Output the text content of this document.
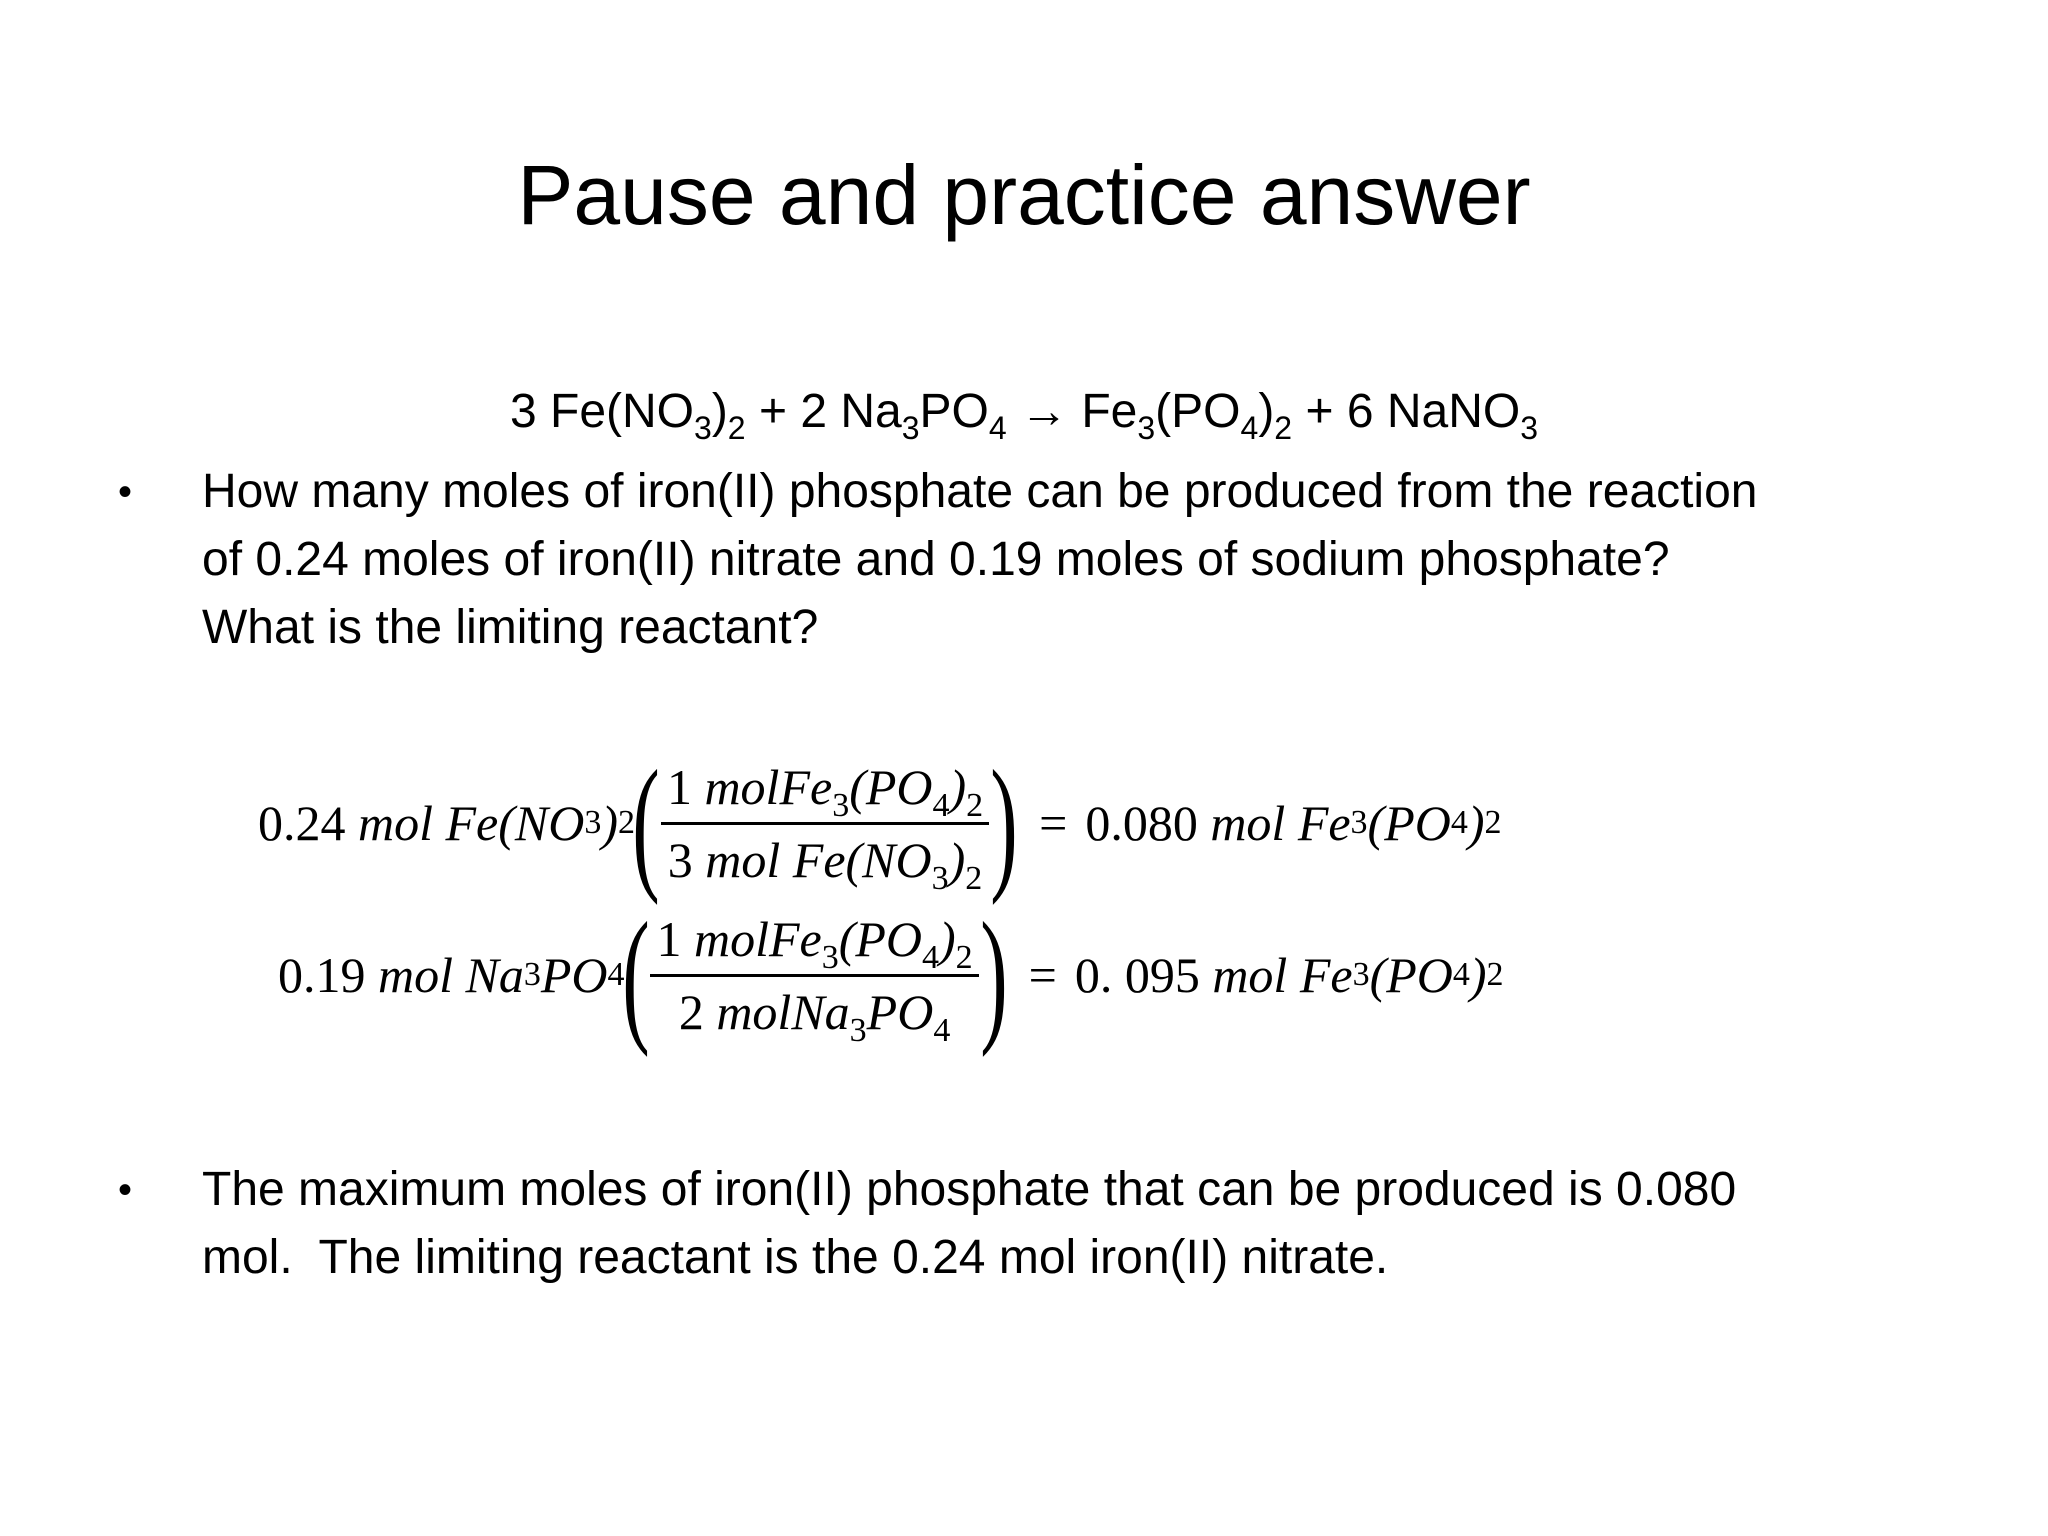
Pause and practice answer
3 $Fe(NO_3)_2 + 2$ $Na_3PO_4 \to Fe_3(PO_4)_2 + 6$ NaNO$_3$
•	How many moles of iron(II) phosphate can be produced from the reaction
of 0.24 moles of iron(II) nitrate and 0.19 moles of sodium phosphate?
What is the limiting reactant?
0.24
mol Fe(NO 3 ) 2
( $\frac{1 molFe_3(PO_4)_2}{3 mol Fe(NO_3)_2}$ ) = 0.080
mol Fe 3 (PO 4 ) 2
0.19
mol Na 3 PO 4
( $\frac{1 molFe_3(PO_4)_2}{2 molNa_3PO_4}$ ) = 0. 095
mol Fe 3 (PO 4 ) 2
•	The maximum moles of iron(II) phosphate that can be produced is 0.080
mol.  The limiting reactant is the 0.24 mol iron(II) nitrate.
